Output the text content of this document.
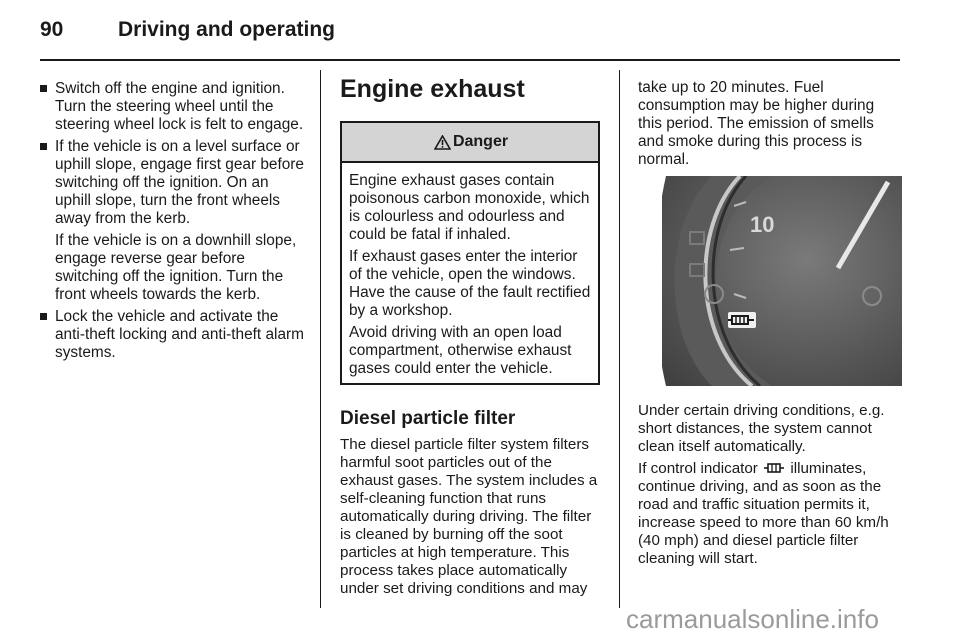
90	Driving and operating
Switch off the engine and ignition. Turn the steering wheel until the steering wheel lock is felt to engage.
If the vehicle is on a level surface or uphill slope, engage first gear before switching off the ignition. On an uphill slope, turn the front wheels away from the kerb.
If the vehicle is on a downhill slope, engage reverse gear before switching off the ignition. Turn the front wheels towards the kerb.
Lock the vehicle and activate the anti-theft locking and anti-theft alarm systems.
Engine exhaust
Danger

Engine exhaust gases contain poisonous carbon monoxide, which is colourless and odourless and could be fatal if inhaled.

If exhaust gases enter the interior of the vehicle, open the windows. Have the cause of the fault rectified by a workshop.

Avoid driving with an open load compartment, otherwise exhaust gases could enter the vehicle.

Diesel particle filter

The diesel particle filter system filters harmful soot particles out of the exhaust gases. The system includes a self-cleaning function that runs automatically during driving. The filter is cleaned by burning off the soot particles at high temperature. This process takes place automatically under set driving conditions and may

take up to 20 minutes. Fuel consumption may be higher during this period. The emission of smells and smoke during this process is normal.

10

Under certain driving conditions, e.g. short distances, the system cannot clean itself automatically.

If control indicator illuminates, continue driving, and as soon as the road and traffic situation permits it, increase speed to more than 60 km/h (40 mph) and diesel particle filter cleaning will start.

carmanualsonline.info
